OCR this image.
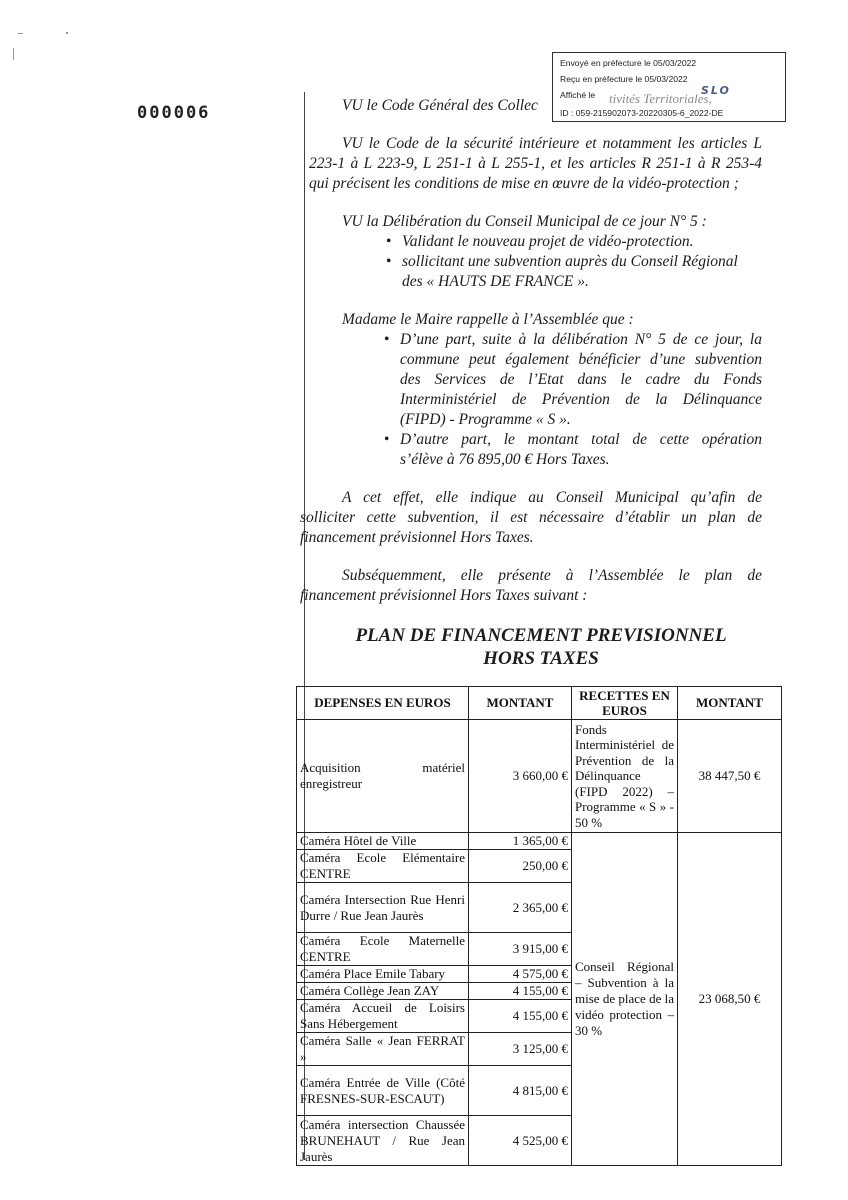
Envoyé en préfecture le 05/03/2022
Reçu en préfecture le 05/03/2022
Affiché le
ID : 059-215902073-20220305-6_2022-DE
tivités Territoriales,
SLO
000006	VU le Code Général des Collec
VU le Code de la sécurité intérieure et notamment les articles L
223-1 à L 223-9, L 251-1 à L 255-1, et les articles R 251-1 à R 253-4
qui précisent les conditions de mise en œuvre de la vidéo-protection ;
VU la Délibération du Conseil Municipal de ce jour N° 5 :
• Validant le nouveau projet de vidéo-protection.
• sollicitant une subvention auprès du Conseil Régional
des « HAUTS DE FRANCE ».
Madame le Maire rappelle à l’Assemblée que :
• D’une part, suite à la délibération N° 5 de ce jour, la
commune peut également bénéficier d’une subvention
des Services de l’Etat dans le cadre du Fonds
Interministériel de Prévention de la Délinquance
(FIPD) - Programme « S ».
• D’autre part, le montant total de cette opération
s’élève à 76 895,00 € Hors Taxes.
A cet effet, elle indique au Conseil Municipal qu’afin de
solliciter cette subvention, il est nécessaire d’établir un plan de
financement prévisionnel Hors Taxes.
Subséquemment, elle présente à l’Assemblée le plan de
financement prévisionnel Hors Taxes suivant :
PLAN DE FINANCEMENT PREVISIONNEL
HORS TAXES
DEPENSES EN EUROS	MONTANT	RECETTES EN EUROS	MONTANT
Acquisition matériel enregistreur	3 660,00 €	Fonds Interministériel de Prévention de la Délinquance (FIPD 2022) – Programme « S » - 50 %	38 447,50 €
Caméra Hôtel de Ville	1 365,00 €	Conseil Régional – Subvention à la mise de place de la vidéo protection – 30 %	23 068,50 €
Caméra Ecole Elémentaire CENTRE	250,00 €		
Caméra Intersection Rue Henri Durre / Rue Jean Jaurès	2 365,00 €		
Caméra Ecole Maternelle CENTRE	3 915,00 €		
Caméra Place Emile Tabary	4 575,00 €		
Caméra Collège Jean ZAY	4 155,00 €		
Caméra Accueil de Loisirs Sans Hébergement	4 155,00 €		
Caméra Salle « Jean FERRAT »	3 125,00 €		
Caméra Entrée de Ville (Côté FRESNES-SUR-ESCAUT)	4 815,00 €		
Caméra intersection Chaussée BRUNEHAUT / Rue Jean Jaurès	4 525,00 €		
